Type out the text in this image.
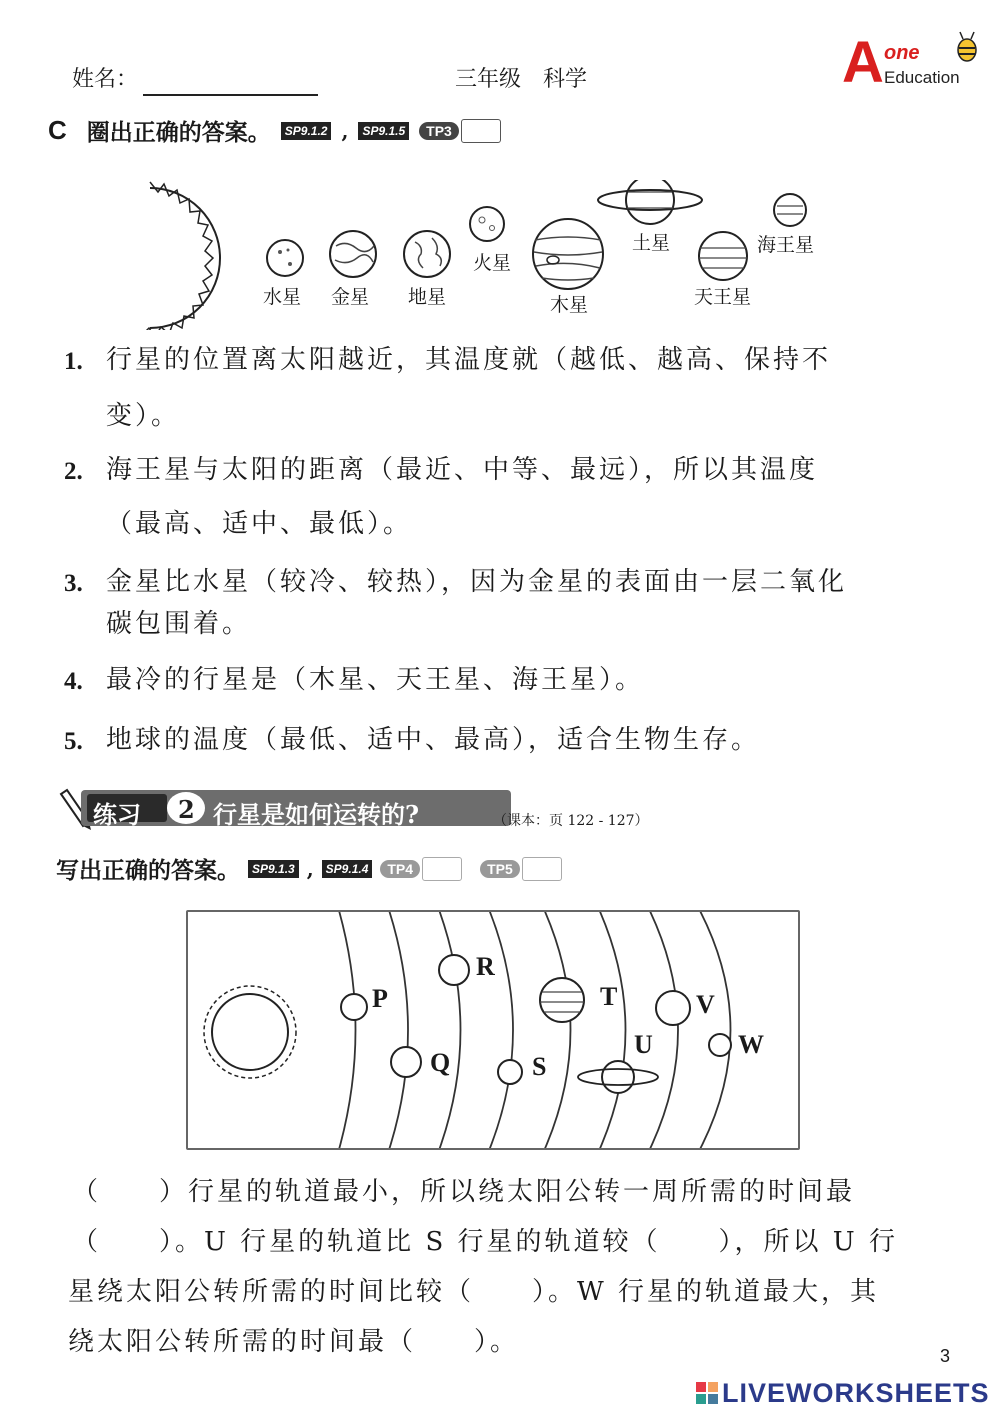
姓名：	三年级　科学	A one
Education
C 圈出正确的答案。	SP9.1.2 ,	SP9.1.5	TP3
水星 金星 地星
火星
木星
土星
天王星
海王星
1. 行星的位置离太阳越近，其温度就（越低、越高、保持不
变）。
2. 海王星与太阳的距离（最近、中等、最远），所以其温度
（最高、适中、最低）。
3. 金星比水星（较冷、较热），因为金星的表面由一层二氧化
碳包围着。
4. 最冷的行星是（木星、天王星、海王星）。
5. 地球的温度（最低、适中、最高），适合生物生存。
练习 2 行星是如何运转的?	（课本：页 122 - 127）
写出正确的答案。	SP9.1.3 ,	SP9.1.4	TP4	TP5
P
Q
R
S
T
U
V
W
（　　）行星的轨道最小，所以绕太阳公转一周所需的时间最
（　　）。U 行星的轨道比 S 行星的轨道较（　　），所以 U 行
星绕太阳公转所需的时间比较（　　）。W 行星的轨道最大，其
绕太阳公转所需的时间最（　　）。	3
LIVEWORKSHEETS
